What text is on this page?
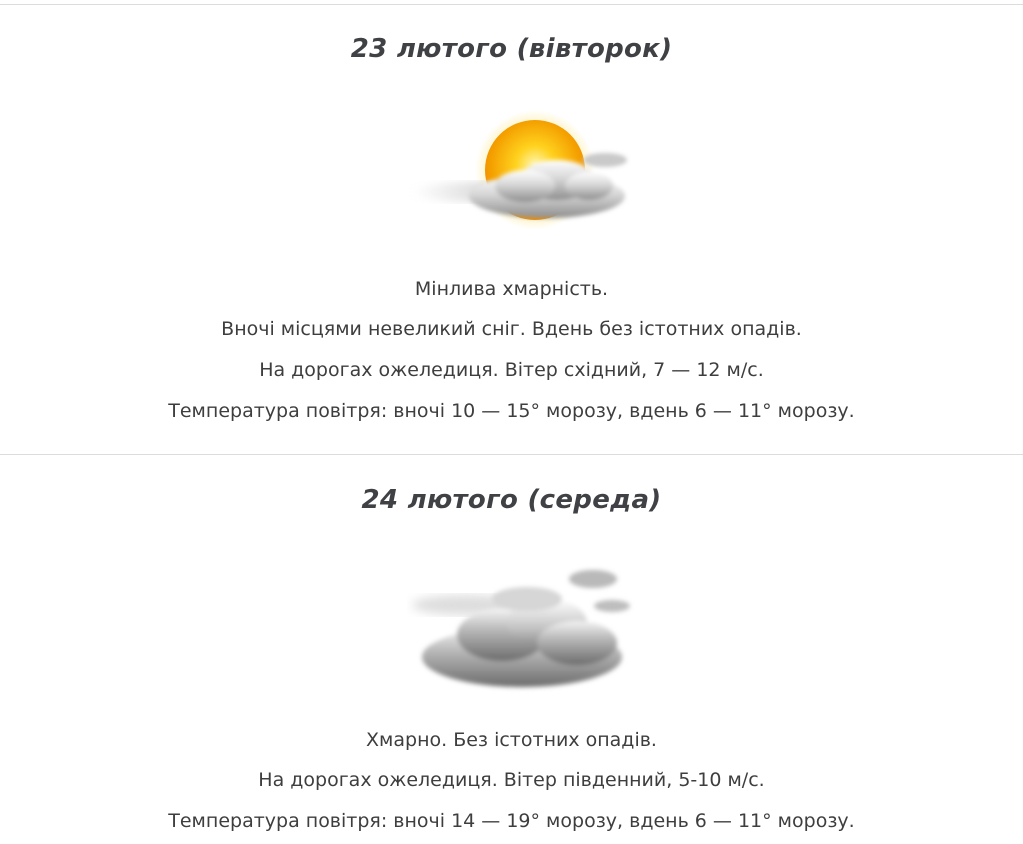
23 лютого (вівторок)

Мінлива хмарність.

Вночі місцями невеликий сніг. Вдень без істотних опадів.

На дорогах ожеледиця. Вітер східний, 7 — 12 м/с.

Температура повітря: вночі 10 — 15° морозу, вдень 6 — 11° морозу.

24 лютого (середа)

Хмарно. Без істотних опадів.

На дорогах ожеледиця. Вітер південний, 5-10 м/с.

Температура повітря: вночі 14 — 19° морозу, вдень 6 — 11° морозу.
